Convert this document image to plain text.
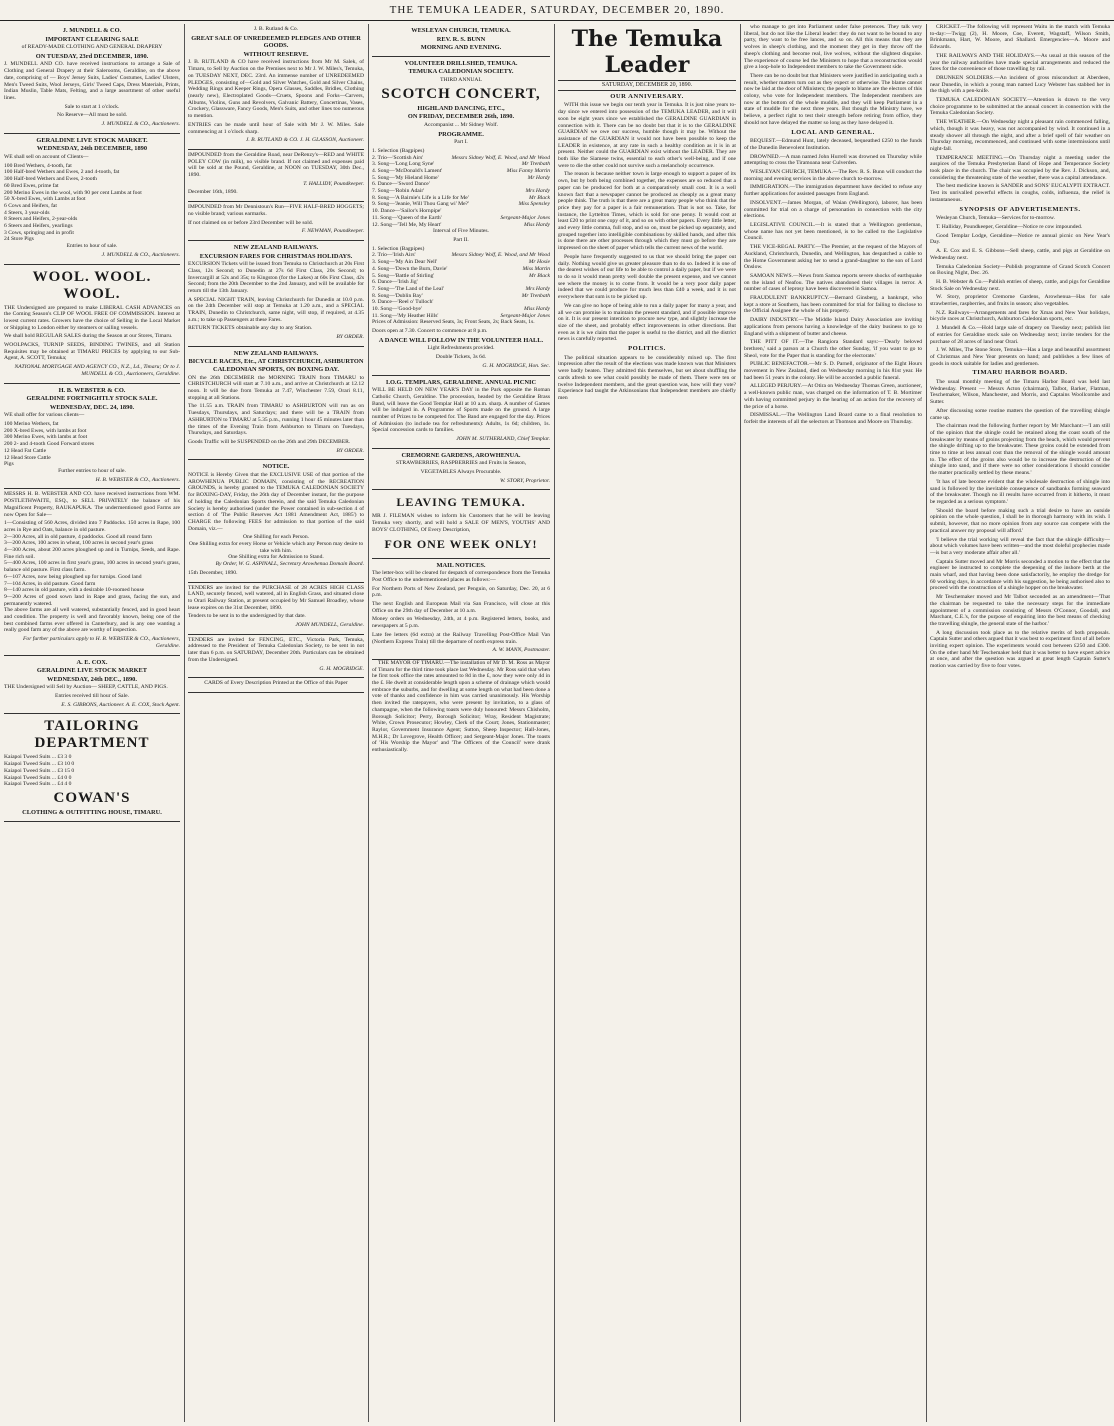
THE TEMUKA LEADER, SATURDAY, DECEMBER 20, 1890.

J. MUNDELL & CO.

IMPORTANT CLEARING SALE

of READY-MADE CLOTHING AND GENERAL DRAPERY

ON TUESDAY, 23rd DECEMBER, 1890.

J. MUNDELL AND CO. have received instructions to arrange a Sale of Clothing and General Drapery at their Salerooms, Geraldine, on the above date, comprising of — Boys' Jersey Suits, Ladies' Costumes, Ladies' Ulsters, Men's Tweed Suits, Wool Jerseys, Girls' Tweed Caps, Dress Materials, Prints, Indian Muslin, Table Mats, Felting, and a large assortment of other useful lines.

Sale to start at 1 o'clock.

No Reserve—All must be sold.

J. MUNDELL & CO., Auctioneers.

GERALDINE LIVE STOCK MARKET.

WEDNESDAY, 24th DECEMBER, 1890

WE shall sell on account of Clients—

100 Bred Wethers, 4-tooth, fat
100 Half-bred Wethers and Ewes, 2 and 4-tooth, fat
300 Half-bred Wethers and Ewes, 2-tooth
60 Bred Ewes, prime fat
200 Merino Ewes in the wool, with 90 per cent Lambs at foot
50 X-bred Ewes, with Lambs at foot
6 Cows and Heifers, fat
4 Steers, 3 year-olds
8 Steers and Heifers, 2-year-olds
6 Steers and Heifers, yearlings
3 Cows, springing and in profit
24 Store Pigs

Entries to hour of sale.

J. MUNDELL & CO., Auctioneers.

WOOL. WOOL. WOOL.

THE Undersigned are prepared to make LIBERAL CASH ADVANCES on the Coming Season's CLIP OF WOOL FREE OF COMMISSION. Interest at lowest current rates. Growers have the choice of Selling in the Local Market or Shipping to London either by steamers or sailing vessels.

We shall hold REGULAR SALES during the Season at our Stores, Timaru.

WOOLPACKS, TURNIP SEEDS, BINDING TWINES, and all Station Requisites may be obtained at TIMARU PRICES by applying to our Sub-Agent, A. SCOTT, Temuka;

NATIONAL MORTGAGE AND AGENCY CO., N.Z., Ld., Timaru; Or to J. MUNDELL & CO., Auctioneers, Geraldine.

H. B. WEBSTER & CO.

GERALDINE FORTNIGHTLY STOCK SALE.

WEDNESDAY, DEC. 24, 1890.

WE shall offer for various clients—

100 Merino Wethers, fat
200 X-bred Ewes, with lambs at foot
300 Merino Ewes, with lambs at foot
200 2- and 4-tooth Good Forward stores
12 Head Fat Cattle
12 Head Store Cattle
Pigs

Further entries to hour of sale.

H. B. WEBSTER & CO., Auctioneers.

MESSRS H. B. WEBSTER AND CO. have received instructions from WM. POSTLETHWAITE, ESQ., to SELL PRIVATELY the balance of his Magnificent Property, RAUKAPUKA. The undermentioned good Farms are now Open for Sale—

1—Consisting of 560 Acres, divided into 7 Paddocks. 150 acres in Rape, 100 acres in Rye and Oats, balance in old pasture.
2—300 Acres, all in old pasture, 4 paddocks. Good all round farm
3—200 Acres, 100 acres in wheat, 100 acres in second year's grass
4—300 Acres, about 200 acres ploughed up and in Turnips, Seeds, and Rape. Fine rich soil.
5—400 Acres, 100 acres in first year's grass, 100 acres in second year's grass, balance old pasture. First class farm.
6—107 Acres, now being ploughed up for turnips. Good land
7—104 Acres, in old pasture. Good farm
8—140 acres in old pasture, with a desirable 10-roomed house
9—200 Acres of good sown land in Rape and grass, facing the sun, and permanently watered.

The above farms are all well watered, substantially fenced, and in good heart and condition. The property is well and favorably known, being one of the best combined farms ever offered in Canterbury, and is any one wanting a really good farm any of the above are worthy of inspection.

For further particulars apply to H. B. WEBSTER & CO., Auctioneers, Geraldine.

A. E. COX.

GERALDINE LIVE STOCK MARKET

WEDNESDAY, 24th DEC., 1890.

THE Undersigned will Sell by Auction— SHEEP, CATTLE, AND PIGS.

Entries received till hour of Sale.

E. S. GIBBONS, Auctioneer. A. E. COX, Stock Agent.

TAILORING DEPARTMENT

Kaiapoi Tweed Suits ... £3 3 0
Kaiapoi Tweed Suits ... £3 10 0
Kaiapoi Tweed Suits ... £3 15 0
Kaiapoi Tweed Suits ... £4 0 0
Kaiapoi Tweed Suits ... £4 4 0

COWAN'S

CLOTHING & OUTFITTING HOUSE, TIMARU.

J. B. Rutland & Co.

GREAT SALE OF UNREDEEMED PLEDGES AND OTHER GOODS.

WITHOUT RESERVE.

J. B. RUTLAND & CO have received instructions from Mr M. Salek, of Timaru, to Sell by Auction on the Premises next to Mr J. W. Miles's, Temuka, on TUESDAY NEXT, DEC. 23rd. An immense number of UNREDEEMED PLEDGES, consisting of—Gold and Silver Watches, Gold and Silver Chains, Wedding Rings and Keeper Rings, Opera Glasses, Saddles, Bridles, Clothing (nearly new), Electroplated Goods—Cruets, Spoons and Forks—Carvers, Albums, Violins, Guns and Revolvers, Galvanic Battery, Concertinas, Vases, Crockery, Glassware, Fancy Goods, Men's Suits, and other lines too numerous to mention.

ENTRIES can be made until hour of Sale with Mr J. W. Miles. Sale commencing at 1 o'clock sharp.

J. B. RUTLAND & CO. J. H. GLASSON, Auctioneer.

IMPOUNDED from the Geraldine Road, near DeRenzy's—RED and WHITE POLEY COW (in milk), no visible brand. If not claimed and expenses paid will be sold at the Pound, Geraldine, at NOON on TUESDAY, 30th Dec., 1890.

T. HALLIDY, Poundkeeper.

December 16th, 1890.

IMPOUNDED from Mr Dennistoun's Run—FIVE HALF-BRED HOGGETS; no visible brand; various earmarks.

If not claimed on or before 23rd December will be sold.

F. NEWMAN, Poundkeeper.

NEW ZEALAND RAILWAYS.

EXCURSION FARES FOR CHRISTMAS HOLIDAYS.

EXCURSION Tickets will be issued from Temuka to Christchurch at 20s First Class, 12s Second; to Dunedin at 27s 6d First Class, 20s Second; to Invercargill at 52s and 35s; to Kingston (for the Lakes) at 60s First Class, 42s Second; from the 20th December to the 2nd January, and will be available for return till the 13th January.

A SPECIAL NIGHT TRAIN, leaving Christchurch for Dunedin at 10.0 p.m. on the 24th December will stop at Temuka at 1.20 a.m., and a SPECIAL TRAIN, Dunedin to Christchurch, same night, will stop, if required, at 4.35 a.m.; to take up Passengers at these Fares.

RETURN TICKETS obtainable any day to any Station.

BY ORDER.

NEW ZEALAND RAILWAYS.

BICYCLE RACES, Etc., AT CHRISTCHURCH, ASHBURTON CALEDONIAN SPORTS, ON BOXING DAY.

ON the 26th DECEMBER the MORNING TRAIN from TIMARU to CHRISTCHURCH will start at 7.10 a.m., and arrive at Christchurch at 12.12 noon. It will be due from Temuka at 7.47, Winchester 7.59, Orari 8.11, stopping at all Stations.

The 11.55 a.m. TRAIN from TIMARU to ASHBURTON will run as on Tuesdays, Thursdays, and Saturdays; and there will be a TRAIN from ASHBURTON to TIMARU at 5.35 p.m., running 1 hour 45 minutes later than the times of the Evening Train from Ashburton to Timaru on Tuesdays, Thursdays, and Saturdays.

Goods Traffic will be SUSPENDED on the 26th and 29th DECEMBER.

BY ORDER.

NOTICE.

NOTICE is Hereby Given that the EXCLUSIVE USE of that portion of the AROWHENUA PUBLIC DOMAIN, consisting of the RECREATION GROUNDS, is hereby granted to the TEMUKA CALEDONIAN SOCIETY for BOXING-DAY, Friday, the 26th day of December instant, for the purpose of holding the Caledonian Sports therein, and the said Temuka Caledonian Society is hereby authorised (under the Power contained in sub-section 4 of section 4 of 'The Public Reserves Act 1881 Amendment Act, 1885') to CHARGE the following FEES for admission to that portion of the said Domain, viz.—

One Shilling for each Person.
One Shilling extra for every Horse or Vehicle which any Person may desire to take with him.
One Shilling extra for Admission to Stand.

By Order, W. G. ASPINALL, Secretary Arowhenua Domain Board.

15th December, 1890.

TENDERS are invited for the PURCHASE of 28 ACRES HIGH CLASS LAND, securely fenced, well watered, all in English Grass, and situated close to Orari Railway Station, at present occupied by Mr Samuel Broadley, whose lease expires on the 31st December, 1890.

Tenders to be sent in to the undersigned by that date.

JOHN MUNDELL, Geraldine.

TENDERS are invited for FENCING, ETC., Victoria Park, Temuka, addressed to the President of Temuka Caledonian Society, to be sent in not later than 6 p.m. on SATURDAY, December 20th. Particulars can be obtained from the Undersigned.

G. H. MOGRIDGE.

CARDS of Every Description Printed at the Office of this Paper

WESLEYAN CHURCH, TEMUKA.

REV. R. S. BUNN

MORNING AND EVENING.

VOLUNTEER DRILLSHED, TEMUKA.

TEMUKA CALEDONIAN SOCIETY.

THIRD ANNUAL

SCOTCH CONCERT,

HIGHLAND DANCING, ETC.,

ON FRIDAY, DECEMBER 26th, 1890.

Accompanist ... Mr Sidney Wolf.

PROGRAMME.

Part I.

1. Selection (Bagpipes)
2. Trio—'Scottish Airs'	Messrs Sidney Wolf, E. Wood, and Mr Wood
3. Song—'Long Long Syne'	Mr Trenbath
4. Song—'McDonald's Lament'	Miss Fanny Martin
5. Song—'My Hieland Home'	Mr Hardy
6. Dance—'Sword Dance'
7. Song—'Robin Adair'	Mrs Hardy
8. Song—'A Bairnie's Life is a Life for Me'	Mr Black
9. Song—'Jeanie, Will Thou Gang wi' Me?'	Miss Spensley
10. Dance—'Sailor's Hornpipe'
11. Song—'Queen of the Earth'	Sergeant-Major Jones
12. Song—'Tell Me, My Heart'	Miss Hardy

Interval of Five Minutes.

Part II.

1. Selection (Bagpipes)
2. Trio—'Irish Airs'	Messrs Sidney Wolf, E. Wood, and Mr Wood
3. Song—'My Ain Dear Nell'	Mr Hosie
4. Song—'Down the Burn, Davie'	Miss Martin
5. Song—'Battle of Stirling'	Mr Black
6. Dance—'Irish Jig'
7. Song—'The Land of the Leal'	Mrs Hardy
8. Song—'Dublin Bay'	Mr Trenbath
9. Dance—'Reel o' Tulloch'
10. Song—'Good-bye'	Miss Hardy
11. Song—'My Heather Hills'	Sergeant-Major Jones

Prices of Admission: Reserved Seats, 3s; Front Seats, 2s; Back Seats, 1s.

Doors open at 7.30. Concert to commence at 8 p.m.

A DANCE WILL FOLLOW IN THE VOLUNTEER HALL.

Light Refreshments provided.

Double Tickets, 3s 6d.

G. H. MOGRIDGE, Hon. Sec.

I.O.G. TEMPLARS, GERALDINE. ANNUAL PICNIC

WILL BE HELD ON NEW YEAR'S DAY in the Park opposite the Roman Catholic Church, Geraldine. The procession, headed by the Geraldine Brass Band, will leave the Good Templar Hall at 10 a.m. sharp. A number of Games will be indulged in. A Programme of Sports made on the ground. A large number of Prizes to be competed for. The Band are engaged for the day. Prices of Admission (to include tea for refreshments): Adults, 1s 6d; children, 1s. Special concession cards to families.

JOHN M. SUTHERLAND, Chief Templar.

CREMORNE GARDENS, AROWHENUA.

STRAWBERRIES, RASPBERRIES and Fruits in Season,

VEGETABLES Always Procurable.

W. STORY, Proprietor.

LEAVING TEMUKA.

MR J. FILEMAN wishes to inform his Customers that he will be leaving Temuka very shortly, and will hold a SALE OF MEN'S, YOUTHS' AND BOYS' CLOTHING, Of Every Description,

FOR ONE WEEK ONLY!

MAIL NOTICES.

The letter-box will be cleared for despatch of correspondence from the Temuka Post Office to the undermentioned places as follows:—

For Northern Ports of New Zealand, per Penguin, on Saturday, Dec. 20, at 6 p.m.

The next English and European Mail via San Francisco, will close at this Office on the 29th day of December at 10 a.m.

Money orders on Wednesday, 24th, at 4 p.m. Registered letters, books, and newspapers at 5 p.m.

Late fee letters (6d extra) at the Railway Travelling Post-Office Mail Van (Northern Express Train) till the departure of north express train.

A. W. MANN, Postmaster.

THE MAYOR OF TIMARU.—The installation of Mr D. M. Ross as Mayor of Timaru for the third time took place last Wednesday. Mr Ross said that when he first took office the rates amounted to 8d in the £, now they were only 4d in the £. He dwelt at considerable length upon a scheme of drainage which would embrace the suburbs, and for dwelling at some length on what had been done a vote of thanks and confidence in him was carried unanimously. His Worship then invited the ratepayers, who were present by invitation, to a glass of champagne, when the following toasts were duly honoured: Messrs Chisholm, Borough Solicitor; Perry, Borough Solicitor; Wray, Resident Magistrate; White, Crown Prosecutor; Howley, Clerk of the Court; Jones, Stationmaster; Raylor, Government Insurance Agent; Sutton, Sheep Inspector; Hall-Jones, M.H.R.; Dr Lovegrove, Health Officer; and Sergeant-Major Jones. The toasts of 'His Worship the Mayor' and 'The Officers of the Council' were drank enthusiastically.

The Temuka Leader
SATURDAY, DECEMBER 20, 1890.
OUR ANNIVERSARY.

WITH this issue we begin our tenth year in Temuka. It is just nine years to-day since we entered into possession of the TEMUKA LEADER, and it will soon be eight years since we established the GERALDINE GUARDIAN in connection with it. There can be no doubt but that it is to the GERALDINE GUARDIAN we owe our success, humble though it may be. Without the assistance of the GUARDIAN it would not have been possible to keep the LEADER in existence, at any rate in such a healthy condition as it is in at present. Neither could the GUARDIAN exist without the LEADER. They are both like the Siamese twins, essential to each other's well-being, and if one were to die the other could not survive such a melancholy occurrence.

The reason is because neither town is large enough to support a paper of its own, but by both being combined together, the expenses are so reduced that a paper can be produced for both at a comparatively small cost. It is a well known fact that a newspaper cannot be produced as cheaply as a great many people think. The truth is that there are a great many people who think that the price they pay for a paper is a fair remuneration. That is not so. Take, for instance, the Lyttelton Times, which is sold for one penny. It would cost at least £20 to print one copy of it, and so on with other papers. Every little letter, and every little comma, full stop, and so on, must be picked up separately, and grouped together into intelligible combinations by skilled hands, and after this is done there are other processes through which they must go before they are impressed on the sheet of paper which tells the current news of the world.

People have frequently suggested to us that we should bring the paper out daily. Nothing would give us greater pleasure than to do so. Indeed it is one of the dearest wishes of our life to be able to control a daily paper, but if we were to do so it would mean pretty well double the present expense, and we cannot see where the money is to come from. It would be a very poor daily paper indeed that we could produce for much less than £40 a week, and it is not everywhere that sum is to be picked up.

We can give no hope of being able to run a daily paper for many a year, and all we can promise is to maintain the present standard, and if possible improve on it. It is our present intention to procure new type, and slightly increase the size of the sheet, and probably effect improvements in other directions. But even as it is we claim that the paper is useful to the district, and all the district news is carefully reported.

POLITICS.

The political situation appears to be considerably mixed up. The first impression after the result of the elections was made known was that Ministers were badly beaten. They admitted this themselves, but set about shuffling the cards afresh to see what could possibly be made of them. There were ten or twelve Independent members, and the great question was, how will they vote? Experience had taught the Atkinsonians that Independent members are chiefly men

who manage to get into Parliament under false pretences. They talk very liberal, but do not like the Liberal leader: they do not want to be bound to any party, they want to be free lances, and so on. All this means that they are wolves in sheep's clothing, and the moment they get in they throw off the sheep's clothing and become real, live wolves, without the slightest disguise. The experience of course led the Ministers to hope that a reconstruction would give a loop-hole to Independent members to take the Government side.

There can be no doubt but that Ministers were justified in anticipating such a result, whether matters turn out as they expect or otherwise. The blame cannot now be laid at the door of Ministers; the people to blame are the electors of this colony, who vote for Independent members. The Independent members are now at the bottom of the whole muddle, and they will keep Parliament in a state of muddle for the next three years. But though the Ministry have, we believe, a perfect right to test their strength before retiring from office, they should not have delayed the matter so long as they have delayed it.

LOCAL AND GENERAL.

BEQUEST.—Edmund Hunt, lately deceased, bequeathed £250 to the funds of the Dunedin Benevolent Institution.

DROWNED.—A man named John Hurrell was drowned on Thursday while attempting to cross the Tiramoana near Culverden.

WESLEYAN CHURCH, TEMUKA.—The Rev. R. S. Bunn will conduct the morning and evening services in the above church to-morrow.

IMMIGRATION.—The immigration department have decided to refuse any further applications for assisted passages from England.

INSOLVENT.—James Morgan, of Waian (Wellington), laborer, has been committed for trial on a charge of personation in connection with the city elections.

LEGISLATIVE COUNCIL.—It is stated that a Wellington gentleman, whose name has not yet been mentioned, is to be called to the Legislative Council.

THE VICE-REGAL PARTY.—The Premier, at the request of the Mayors of Auckland, Christchurch, Dunedin, and Wellington, has despatched a cable to the Home Government asking her to send a grand-daughter to the son of Lord Onslow.

SAMOAN NEWS.—News from Samoa reports severe shocks of earthquake on the island of Neafou. The natives abandoned their villages in terror. A number of cases of leprosy have been discovered in Samoa.

FRAUDULENT BANKRUPTCY.—Bernard Ginsberg, a bankrupt, who kept a store at Southern, has been committed for trial for failing to disclose to the Official Assignee the whole of his property.

DAIRY INDUSTRY.—The Middle Island Dairy Association are inviting applications from persons having a knowledge of the dairy business to go to England with a shipment of butter and cheese.

THE PITT OF IT.—The Rangiora Standard says:—'Dearly beloved brethren,' said a parson at a Church the other Sunday, 'if you want to go to Sheol, vote for the Paper that is standing for the electorate.'

PUBLIC BENEFACTOR.—Mr S. D. Parnell, originator of the Eight Hours movement in New Zealand, died on Wednesday morning in his 81st year. He had been 51 years in the colony. He will be accorded a public funeral.

ALLEGED PERJURY.—At Otira on Wednesday Thomas Green, auctioneer, a well-known public man, was charged on the information of T. B. Mortimer with having committed perjury in the hearing of an action for the recovery of the price of a horse.

DISMISSAL.—The Wellington Land Board came to a final resolution to forfeit the interests of all the selectors at Thomson and Moore on Thursday.

CRICKET.—The following will represent Waitu in the match with Temuka to-day:—Twigg (2), H. Moore, Coe, Everett, Wagstaff, Wilson Smith, Brinkmann, Hart, W. Moore, and Shallard. Emergencies—A. Moore and Edwards.

THE RAILWAYS AND THE HOLIDAYS.—As usual at this season of the year the railway authorities have made special arrangements and reduced the fares for the convenience of those travelling by rail.

DRUNKEN SOLDIERS.—An incident of gross misconduct at Aberdeen, near Dunedin, in which a young man named Lucy Webster has stabbed her in the thigh with a pen-knife.

TEMUKA CALEDONIAN SOCIETY.—Attention is drawn to the very choice programme to be submitted at the annual concert in connection with the Temuka Caledonian Society.

THE WEATHER.—On Wednesday night a pleasant rain commenced falling, which, though it was heavy, was not accompanied by wind. It continued in a steady shower all through the night, and after a brief spell of fair weather on Thursday morning, recommenced, and continued with some intermissions until night-fall.

TEMPERANCE MEETING.—On Thursday night a meeting under the auspices of the Temuka Presbyterian Band of Hope and Temperance Society took place in the church. The chair was occupied by the Rev. J. Dickson, and, considering the threatening state of the weather, there was a capital attendance.

The best medicine known is SANDER and SONS' EUCALYPTI EXTRACT. Test its unrivalled powerful effects in coughs, colds, influenza, the relief is instantaneous.

SYNOPSIS OF ADVERTISEMENTS.

Wesleyan Church, Temuka—Services for to-morrow.

T. Halliday, Poundkeeper, Geraldine—Notice re cow impounded.

Good Templar Lodge, Geraldine—Notice re annual picnic on New Year's Day.

A. E. Cox and E. S. Gibbons—Sell sheep, cattle, and pigs at Geraldine on Wednesday next.

Temuka Caledonian Society—Publish programme of Grand Scotch Concert on Boxing Night, Dec. 26.

H. B. Webster & Co.—Publish entries of sheep, cattle, and pigs for Geraldine Stock Sale on Wednesday next.

W. Story, proprietor Cremorne Gardens, Arowhenua—Has for sale strawberries, raspberries, and fruits in season; also vegetables.

N.Z. Railways—Arrangements and fares for Xmas and New Year holidays, bicycle races at Christchurch, Ashburton Caledonian sports, etc.

J. Mundell & Co.—Hold large sale of drapery on Tuesday next; publish list of entries for Geraldine stock sale on Wednesday next; invite tenders for the purchase of 28 acres of land near Orari.

J. W. Miles, The Stone Store, Temuka—Has a large and beautiful assortment of Christmas and New Year presents on hand; and publishes a few lines of goods in stock suitable for ladies and gentlemen.

TIMARU HARBOR BOARD.

The usual monthly meeting of the Timaru Harbor Board was held last Wednesday. Present — Messrs Acton (chairman), Talbot, Barker, Flatman, Teschemaker, Wilson, Manchester, and Morris, and Captains Woollcombe and Sutter.

After discussing some routine matters the question of the travelling shingle came up.

The chairman read the following further report by Mr Marchant:—'I am still of the opinion that the shingle could be retained along the coast south of the breakwater by means of groins projecting from the beach, which would prevent the shingle drifting up to the breakwater. These groins could be extended from time to time at less annual cost than the removal of the shingle would amount to. The effect of the groins also would be to increase the destruction of the shingle into sand, and if there were no other considerations I should consider the matter practically settled by these means.'

'It has of late become evident that the wholesale destruction of shingle into sand is followed by the inevitable consequence of sandbanks forming seaward of the breakwater. Though no ill results have occurred from it hitherto, it must be regarded as a serious symptom.'

'Should the board before making such a trial desire to have an outside opinion on the whole question, I shall be in thorough harmony with its wish. I submit, however, that no more opinion from any source can compete with the practical answer my proposal will afford.'

'I believe the trial working will reveal the fact that the shingle difficulty—about which volumes have been written—and the most doleful prophecies made—is but a very moderate affair after all.'

Captain Sutter moved and Mr Morris seconded a motion to the effect that the engineer be instructed to complete the deepening of the inshore berth at the main wharf, and that having been done satisfactorily, he employ the dredge for 60 working days, in accordance with his suggestion, he being authorised also to proceed with the construction of a shingle hopper on the breakwater.

Mr Teschemaker moved and Mr Talbot seconded as an amendment—'That the chairman be requested to take the necessary steps for the immediate appointment of a commission consisting of Messrs O'Connor, Goodall, and Marchant, C.E.'s, for the purpose of enquiring into the best means of checking the travelling shingle, the general state of the harbor.'

A long discussion took place as to the relative merits of both proposals. Captain Sutter and others argued that it was best to experiment first of all before inviting expert opinion. The experiments would cost between £250 and £300. On the other hand Mr Teschemaker held that it was better to have expert advice at once, and after the question was argued at great length Captain Sutter's motion was carried by five to four votes.
